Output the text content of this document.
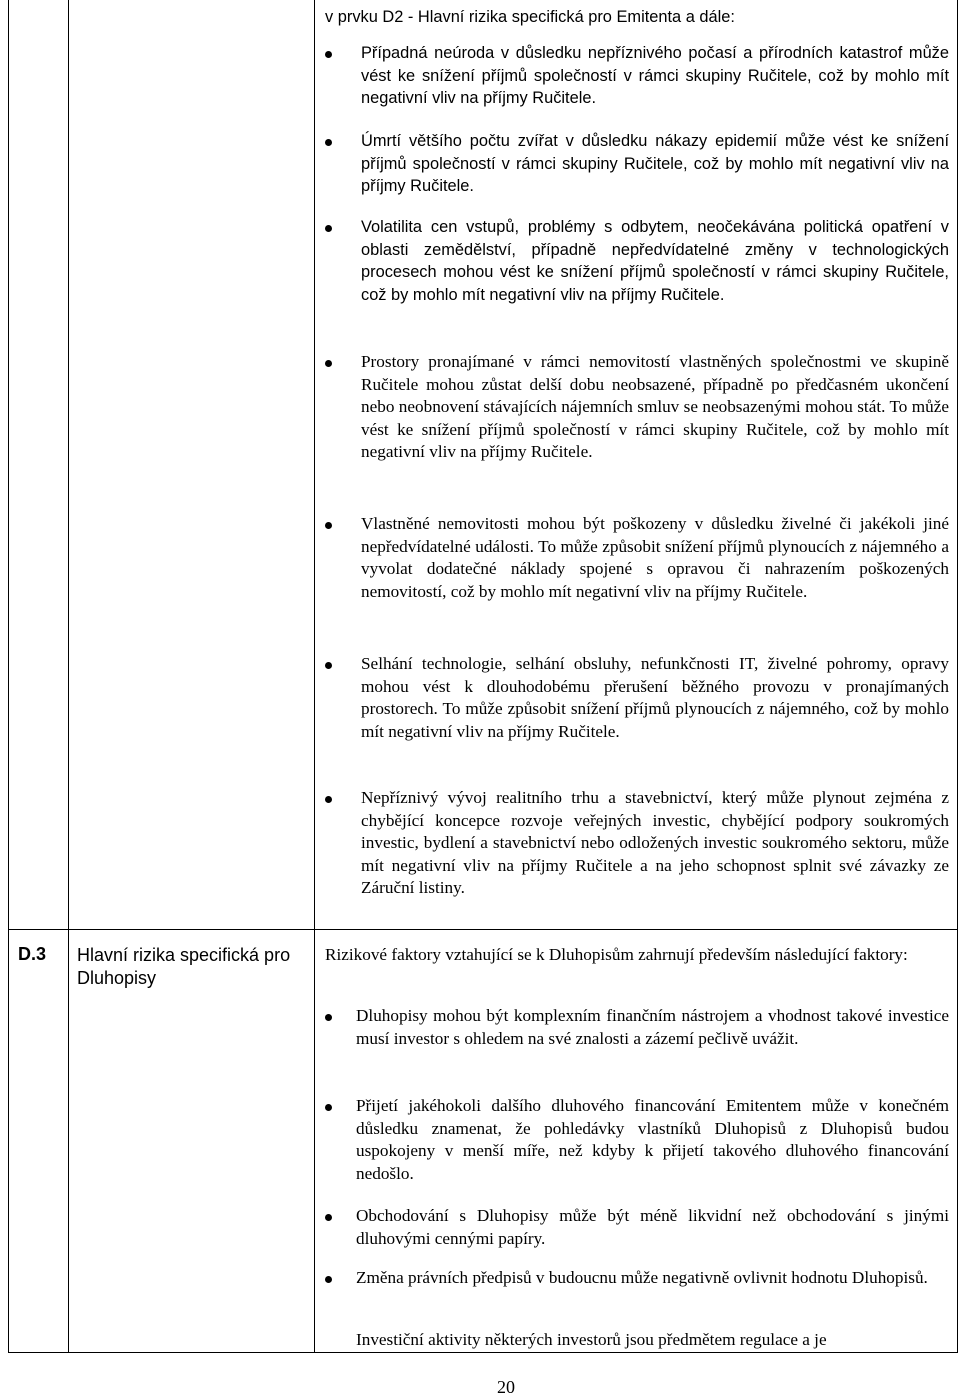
v prvku D2 - Hlavní rizika specifická pro Emitenta a dále:
Případná neúroda v důsledku nepříznivého počasí a přírodních katastrof může vést ke snížení příjmů společností v rámci skupiny Ručitele, což by mohlo mít negativní vliv na příjmy Ručitele.
Úmrtí většího počtu zvířat v důsledku nákazy epidemií může vést ke snížení příjmů společností v rámci skupiny Ručitele, což by mohlo mít negativní vliv na příjmy Ručitele.
Volatilita cen vstupů, problémy s odbytem, neočekávána politická opatření v oblasti zemědělství, případně nepředvídatelné změny v technologických procesech mohou vést ke snížení příjmů společností v rámci skupiny Ručitele, což by mohlo mít negativní vliv na příjmy Ručitele.
Prostory pronajímané v rámci nemovitostí vlastněných společnostmi ve skupině Ručitele mohou zůstat delší dobu neobsazené, případně po předčasném ukončení nebo neobnovení stávajících nájemních smluv se neobsazenými mohou stát. To může vést ke snížení příjmů společností v rámci skupiny Ručitele, což by mohlo mít negativní vliv na příjmy Ručitele.
Vlastněné nemovitosti mohou být poškozeny v důsledku živelné či jakékoli jiné nepředvídatelné události. To může způsobit snížení příjmů plynoucích z nájemného a vyvolat dodatečné náklady spojené s opravou či nahrazením poškozených nemovitostí, což by mohlo mít negativní vliv na příjmy Ručitele.
Selhání technologie, selhání obsluhy, nefunkčnosti IT, živelné pohromy, opravy mohou vést k dlouhodobému přerušení běžného provozu v pronajímaných prostorech. To může způsobit snížení příjmů plynoucích z nájemného, což by mohlo mít negativní vliv na příjmy Ručitele.
Nepříznivý vývoj realitního trhu a stavebnictví, který může plynout zejména z chybějící koncepce rozvoje veřejných investic, chybějící podpory soukromých investic, bydlení a stavebnictví nebo odložených investic soukromého sektoru, může mít negativní vliv na příjmy Ručitele a na jeho schopnost splnit své závazky ze Záruční listiny.
D.3 Hlavní rizika specifická pro Dluhopisy
Rizikové faktory vztahující se k Dluhopisům zahrnují především následující faktory:
Dluhopisy mohou být komplexním finančním nástrojem a vhodnost takové investice musí investor s ohledem na své znalosti a zázemí pečlivě uvážit.
Přijetí jakéhokoli dalšího dluhového financování Emitentem může v konečném důsledku znamenat, že pohledávky vlastníků Dluhopisů z Dluhopisů budou uspokojeny v menší míře, než kdyby k přijetí takového dluhového financování nedošlo.
Obchodování s Dluhopisy může být méně likvidní než obchodování s jinými dluhovými cennými papíry.
Změna právních předpisů v budoucnu může negativně ovlivnit hodnotu Dluhopisů.
Investiční aktivity některých investorů jsou předmětem regulace a je
20
